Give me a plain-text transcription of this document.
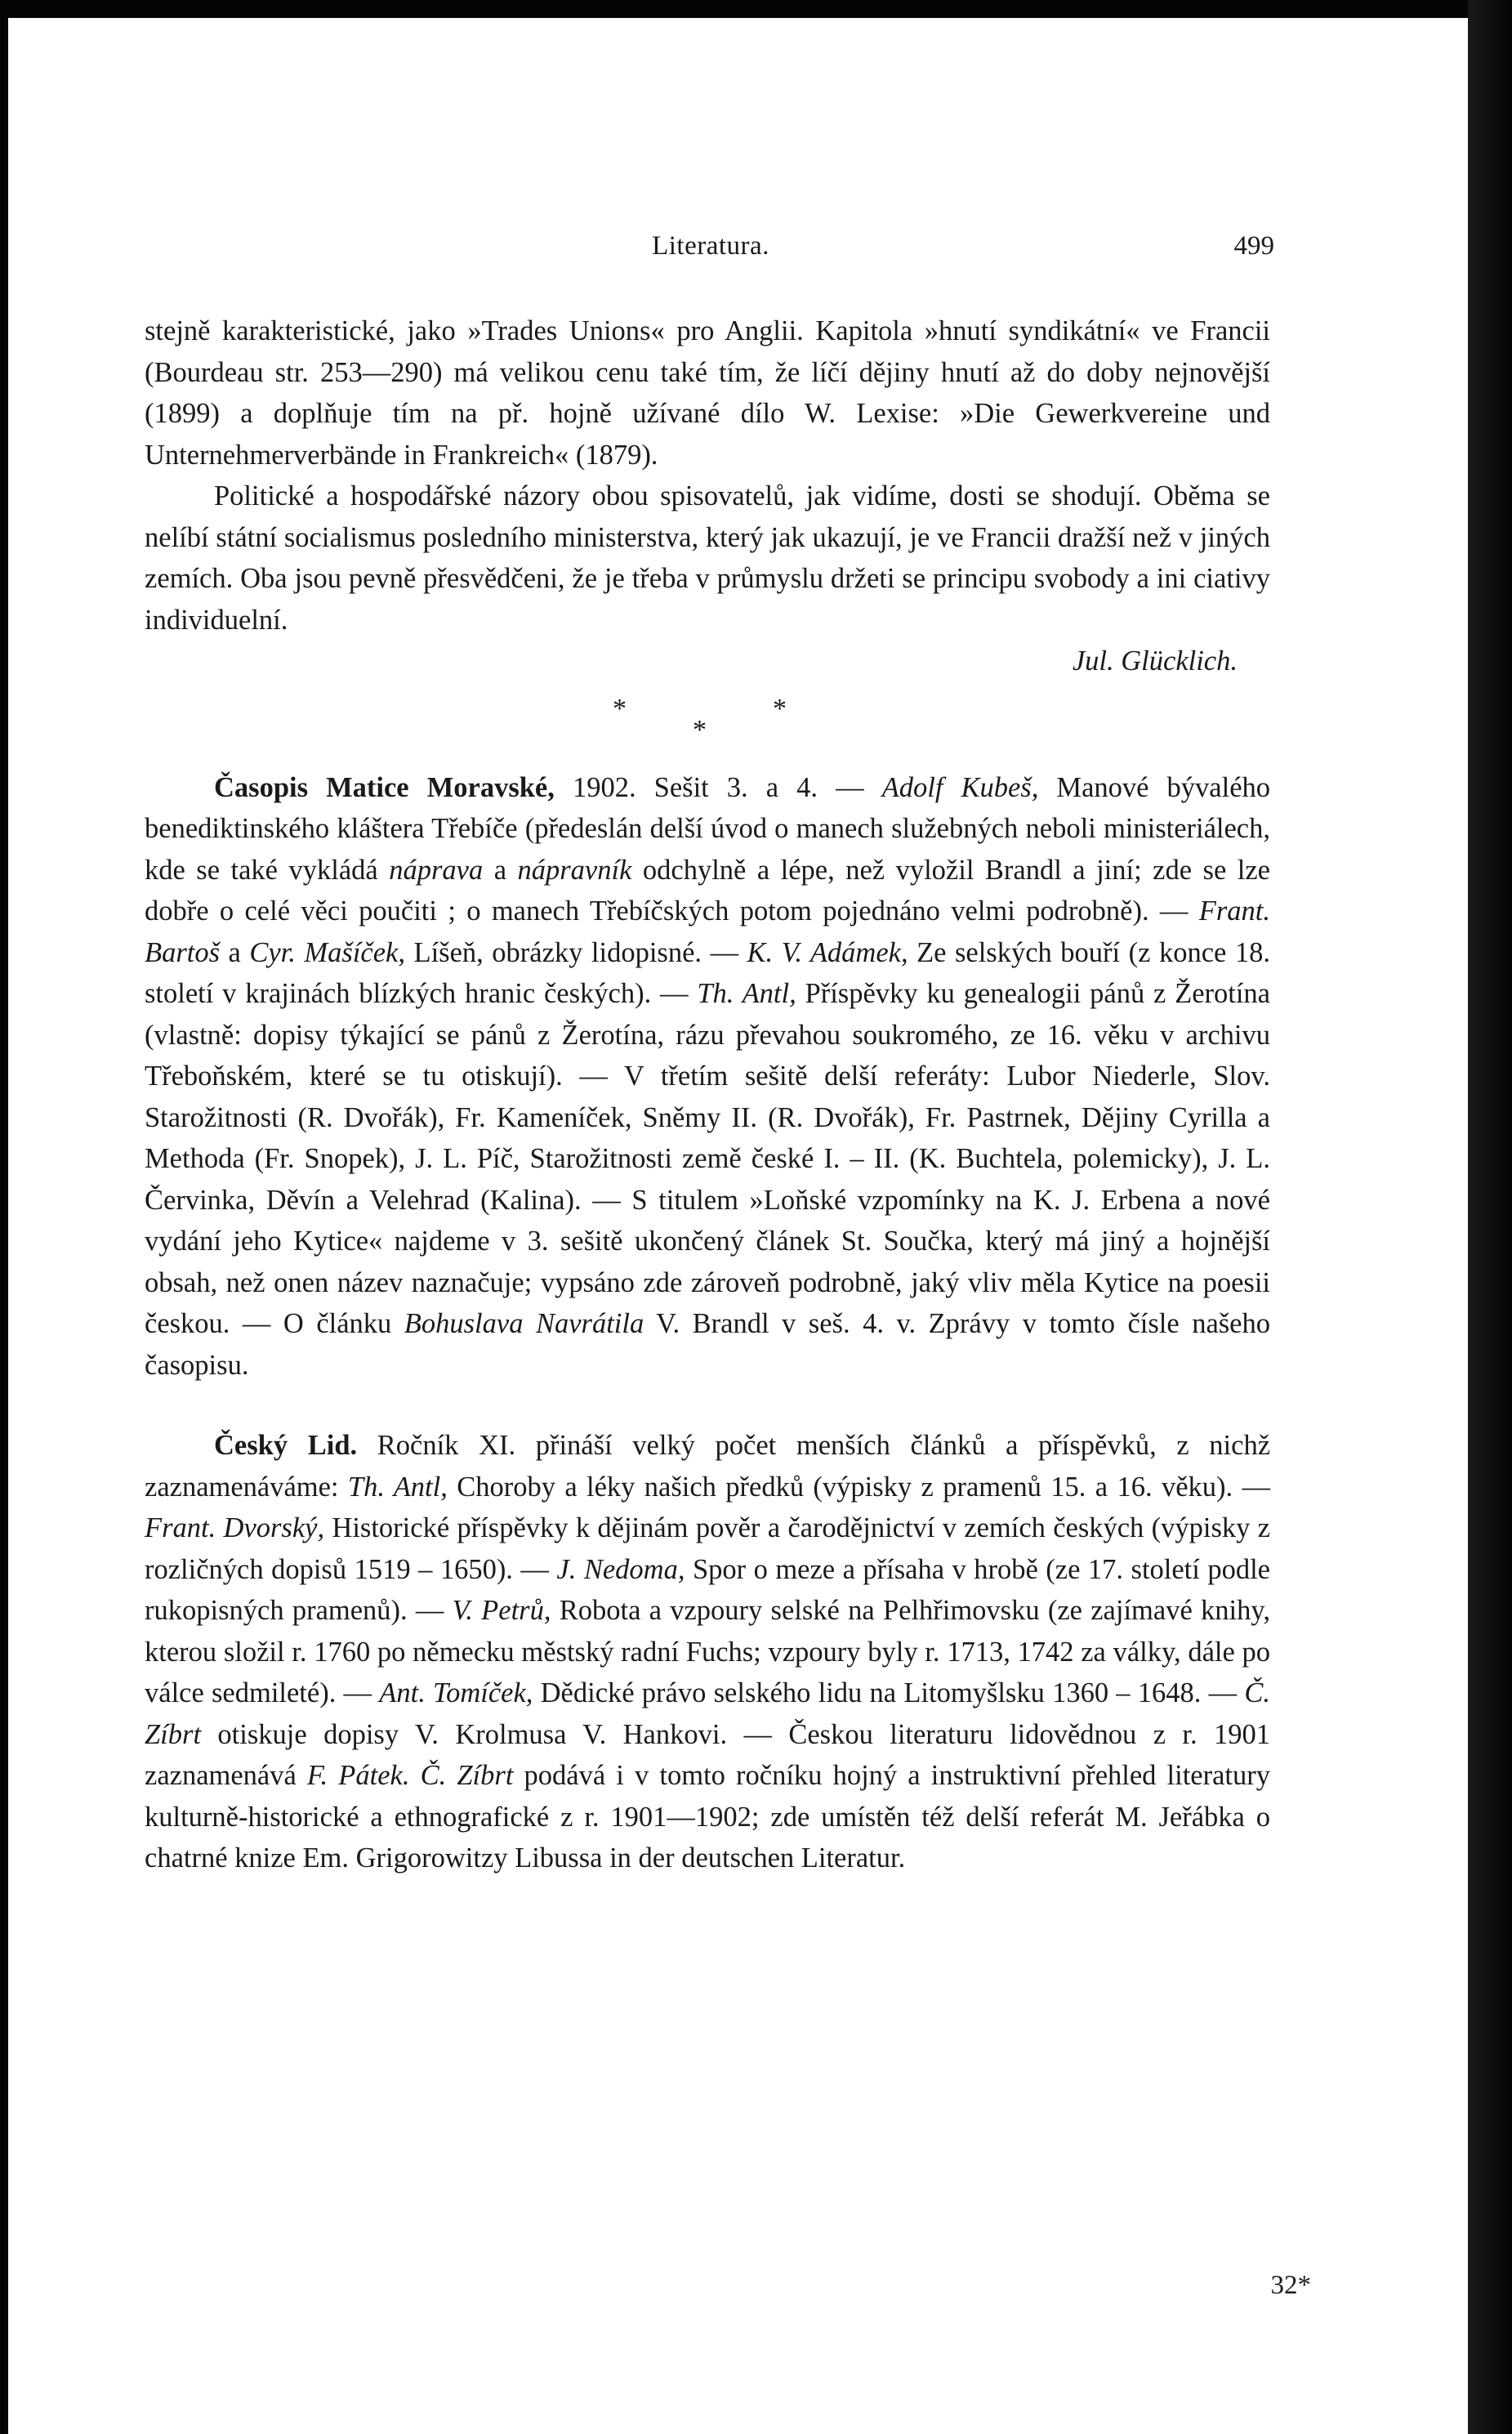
Literatura.	499

stejně karakteristické, jako »Trades Unions« pro Anglii. Kapitola »hnutí syndikátní« ve Francii (Bourdeau str. 253—290) má velikou cenu také tím, že líčí dějiny hnutí až do doby nejnovější (1899) a doplňuje tím na př. hojně užívané dílo W. Lexise: »Die Gewerkvereine und Unternehmerverbände in Frankreich« (1879).

Politické a hospodářské názory obou spisovatelů, jak vidíme, dosti se shodují. Oběma se nelíbí státní socialismus posledního ministerstva, který jak ukazují, je ve Francii dražší než v jiných zemích. Oba jsou pevně přesvědčeni, že je třeba v průmyslu držeti se principu svobody a ini ciativy individuelní.

Jul. Glücklich.
*	*
*

Časopis Matice Moravské, 1902. Sešit 3. a 4. — Adolf Kubeš, Manové bývalého benediktinského kláštera Třebíče (předeslán delší úvod o manech služebných neboli ministeriálech, kde se také vykládá nápravа a nápravník odchylně a lépe, než vyložil Brandl a jiní; zde se lze dobře o celé věci poučiti ; o manech Třebíčských potom pojednáno velmi podrobně). — Frant. Bartoš a Cyr. Mašíček, Líšeň, obrázky lidopisné. — K. V. Adámek, Ze selských bouří (z konce 18. století v krajinách blízkých hranic českých). — Th. Antl, Příspěvky ku genealogii pánů z Žerotína (vlastně: dopisy týkající se pánů z Žerotína, rázu převahou soukromého, ze 16. věku v archivu Třeboňském, které se tu otiskují). — V třetím sešitě delší referáty: Lubor Niederle, Slov. Starožitnosti (R. Dvořák), Fr. Kameníček, Sněmy II. (R. Dvořák), Fr. Pastrnek, Dějiny Cyrilla a Methoda (Fr. Snopek), J. L. Píč, Starožitnosti země české I. – II. (K. Buchtela, polemicky), J. L. Červinka, Děvín a Velehrad (Kalina). — S titulem »Loňské vzpomínky na K. J. Erbena a nové vydání jeho Kytice« najdeme v 3. sešitě ukončený článek St. Součka, který má jiný a hojnější obsah, než onen název naznačuje; vypsáno zde zároveň podrobně, jaký vliv měla Kytice na poesii českou. — O článku Bohuslava Navrátila V. Brandl v seš. 4. v. Zprávy v tomto čísle našeho časopisu.

Český Lid. Ročník XI. přináší velký počet menších článků a příspěvků, z nichž zaznamenáváme: Th. Antl, Choroby a léky našich předků (výpisky z pramenů 15. a 16. věku). — Frant. Dvorský, Historické příspěvky k dějinám pověr a čarodějnictví v zemích českých (výpisky z rozličných dopisů 1519 – 1650). — J. Nedoma, Spor o meze a přísaha v hrobě (ze 17. století podle rukopisných pramenů). — V. Petrů, Robota a vzpoury selské na Pelhřimovsku (ze zajímavé knihy, kterou složil r. 1760 po německu městský radní Fuchs; vzpoury byly r. 1713, 1742 za války, dále po válce sedmileté). — Ant. Tomíček, Dědické právo selského lidu na Litomyšlsku 1360 – 1648. — Č. Zíbrt otiskuje dopisy V. Krolmusa V. Hankovi. — Českou literaturu lidovědnou z r. 1901 zaznamenává F. Pátek. Č. Zíbrt podává i v tomto ročníku hojný a instruktivní přehled literatury kulturně-historické a ethnografické z r. 1901—1902; zde umístěn též delší referát M. Jeřábka o chatrné knize Em. Grigorowitzy Libussa in der deutschen Literatur.

32*
